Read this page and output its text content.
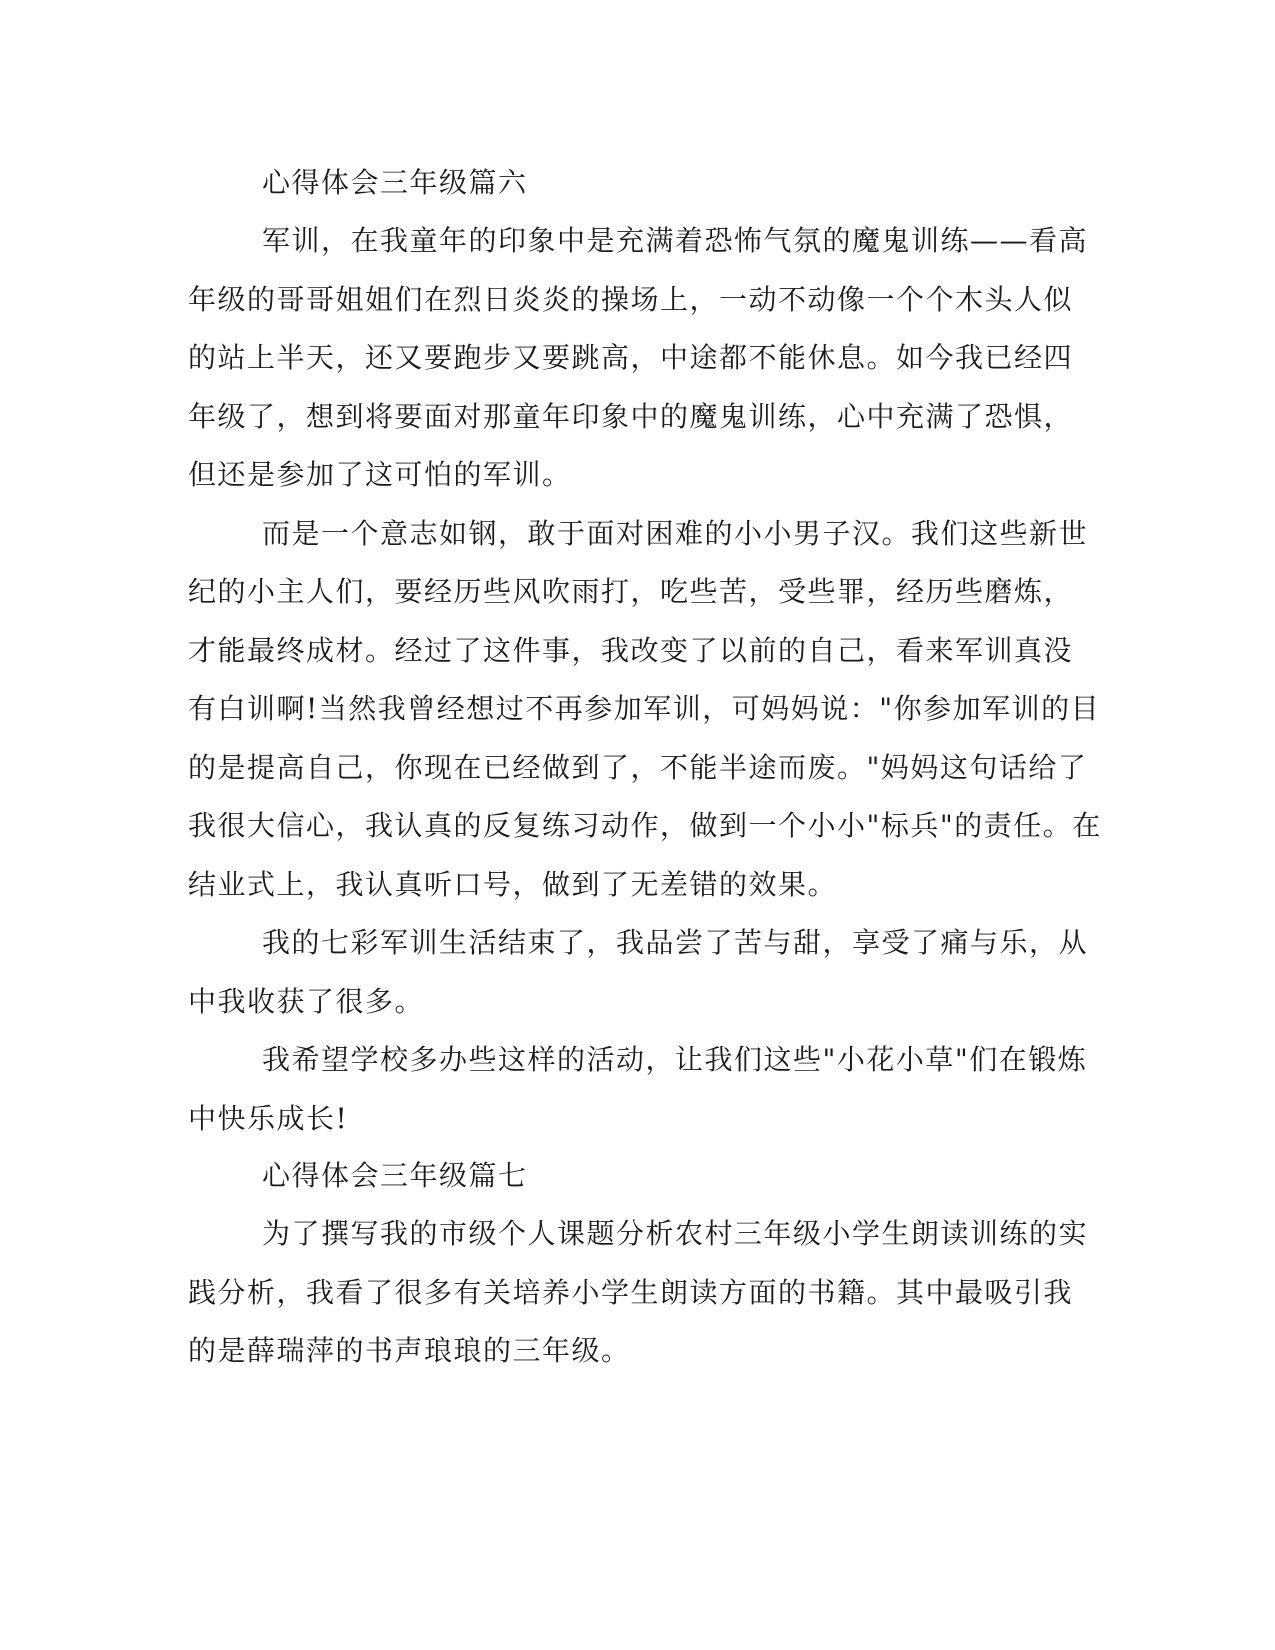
心得体会三年级篇六
军训，在我童年的印象中是充满着恐怖气氛的魔鬼训练——看高
年级的哥哥姐姐们在烈日炎炎的操场上，一动不动像一个个木头人似
的站上半天，还又要跑步又要跳高，中途都不能休息。如今我已经四
年级了，想到将要面对那童年印象中的魔鬼训练，心中充满了恐惧，
但还是参加了这可怕的军训。
而是一个意志如钢，敢于面对困难的小小男子汉。我们这些新世
纪的小主人们，要经历些风吹雨打，吃些苦，受些罪，经历些磨炼，
才能最终成材。经过了这件事，我改变了以前的自己，看来军训真没
有白训啊!当然我曾经想过不再参加军训，可妈妈说："你参加军训的目
的是提高自己，你现在已经做到了，不能半途而废。"妈妈这句话给了
我很大信心，我认真的反复练习动作，做到一个小小"标兵"的责任。在
结业式上，我认真听口号，做到了无差错的效果。
我的七彩军训生活结束了，我品尝了苦与甜，享受了痛与乐，从
中我收获了很多。
我希望学校多办些这样的活动，让我们这些"小花小草"们在锻炼
中快乐成长!
心得体会三年级篇七
为了撰写我的市级个人课题分析农村三年级小学生朗读训练的实
践分析，我看了很多有关培养小学生朗读方面的书籍。其中最吸引我
的是薛瑞萍的书声琅琅的三年级。
